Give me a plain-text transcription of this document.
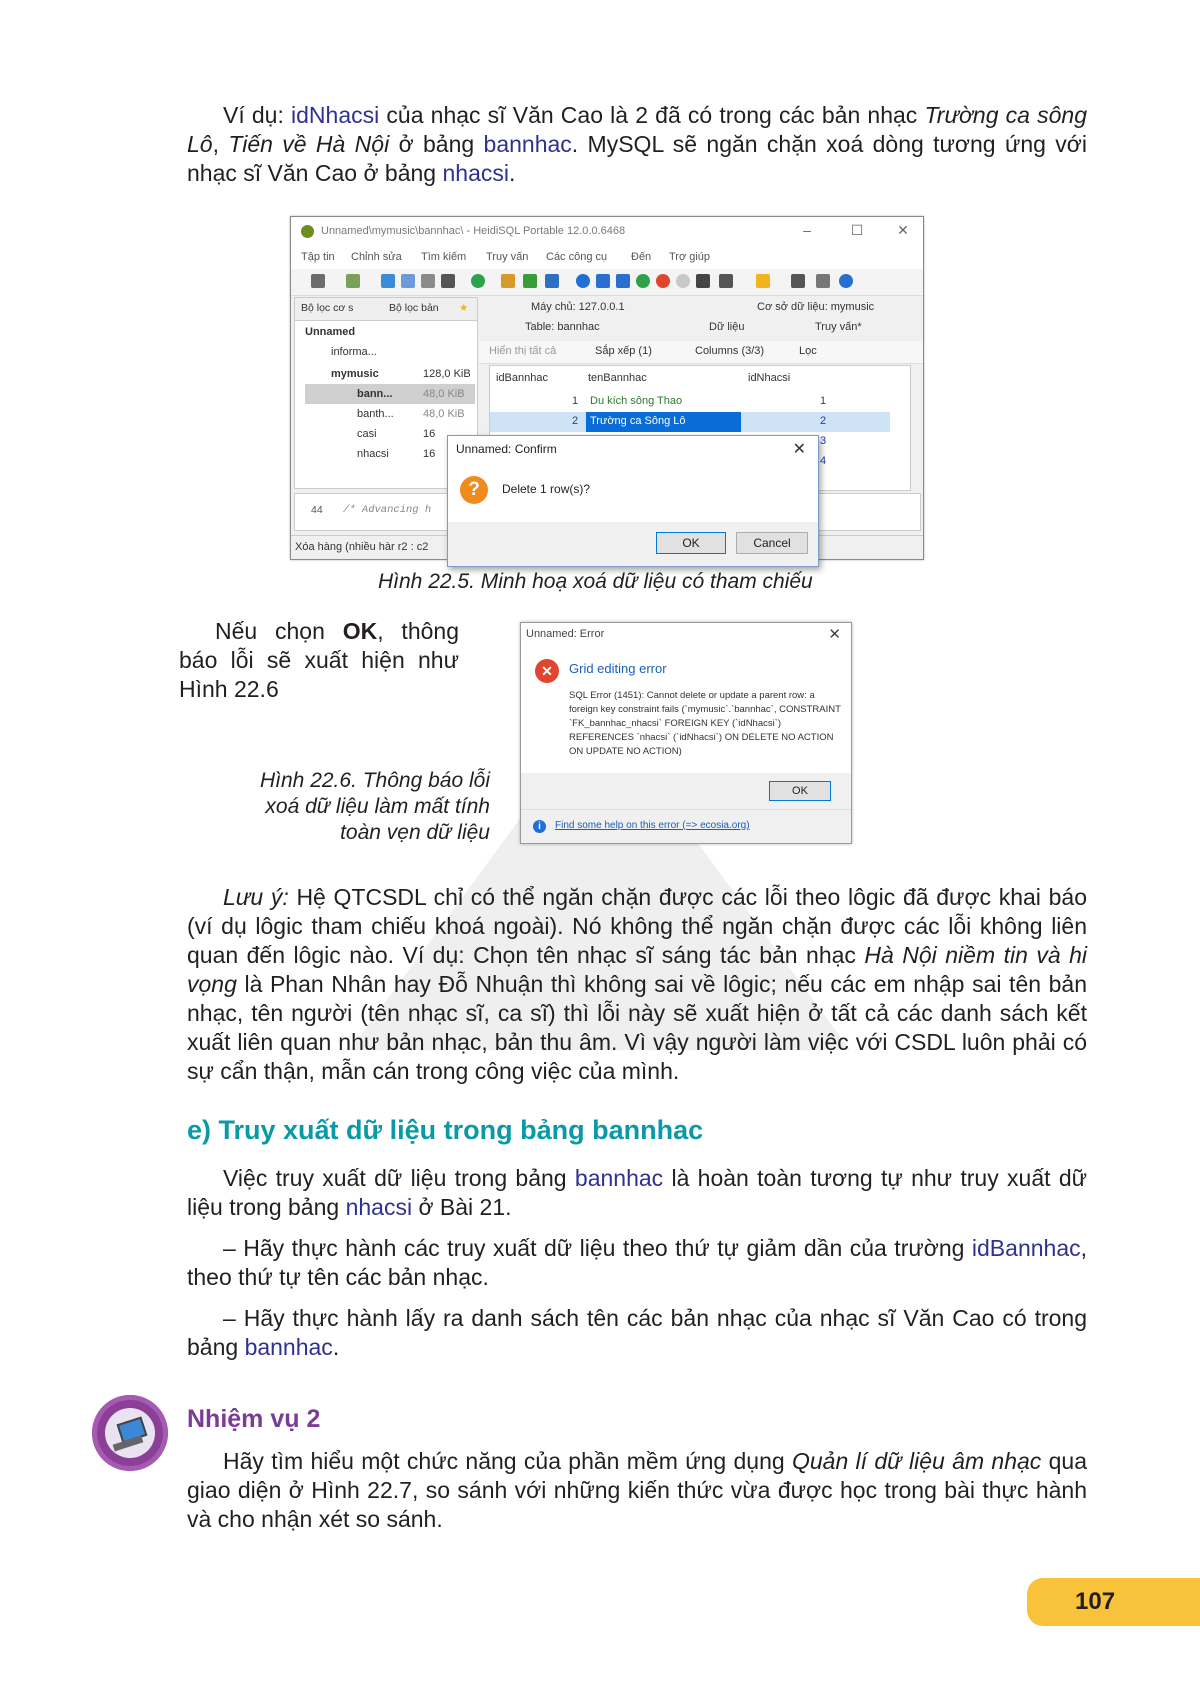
Ví dụ: idNhacsi của nhạc sĩ Văn Cao là 2 đã có trong các bản nhạc Trường ca sông Lô, Tiến về Hà Nội ở bảng bannhac. MySQL sẽ ngăn chặn xoá dòng tương ứng với nhạc sĩ Văn Cao ở bảng nhacsi.

Unnamed\mymusic\bannhac\ - HeidiSQL Portable 12.0.0.6468	–	☐ ✕
Tập tin Chỉnh sửa Tìm kiếm Truy vấn Các công cụ Đến Trợ giúp
Bộ lọc cơ s	Bộ lọc bản ★
Unnamed
informa...
mymusic	128,0 KiB
bann...	48,0 KiB
banth...	48,0 KiB
casi	16
nhacsi	16
Máy chủ: 127.0.0.1	Cơ sở dữ liệu: mymusic
Table: bannhac	Dữ liệu	Truy vấn*
Hiển thị tất cả	Sắp xếp (1)	Columns (3/3)	Lọc
idBannhac	tenBannhac	idNhacsi
1 Du kích sông Thao	1
2 Trường ca Sông Lô	2
3
4
44 /* Advancing h
Xóa hàng (nhiều hàr r2 : c2
Unnamed: Confirm	✕
?	Delete 1 row(s)?
OK	Cancel
Hình 22.5. Minh hoạ xoá dữ liệu có tham chiếu

Nếu chọn OK, thông báo lỗi sẽ xuất hiện như Hình 22.6

Hình 22.6. Thông báo lỗi xoá dữ liệu làm mất tính toàn vẹn dữ liệu
Unnamed: Error	✕
✕	Grid editing error
SQL Error (1451): Cannot delete or update a parent row: a foreign key constraint fails (`mymusic`.`bannhac`, CONSTRAINT `FK_bannhac_nhacsi` FOREIGN KEY (`idNhacsi`) REFERENCES `nhacsi` (`idNhacsi`) ON DELETE NO ACTION ON UPDATE NO ACTION)
OK
i	Find some help on this error (=> ecosia.org)

Lưu ý: Hệ QTCSDL chỉ có thể ngăn chặn được các lỗi theo lôgic đã được khai báo (ví dụ lôgic tham chiếu khoá ngoài). Nó không thể ngăn chặn được các lỗi không liên quan đến lôgic nào. Ví dụ: Chọn tên nhạc sĩ sáng tác bản nhạc Hà Nội niềm tin và hi vọng là Phan Nhân hay Đỗ Nhuận thì không sai về lôgic; nếu các em nhập sai tên bản nhạc, tên người (tên nhạc sĩ, ca sĩ) thì lỗi này sẽ xuất hiện ở tất cả các danh sách kết xuất liên quan như bản nhạc, bản thu âm. Vì vậy người làm việc với CSDL luôn phải có sự cẩn thận, mẫn cán trong công việc của mình.

e) Truy xuất dữ liệu trong bảng bannhac

Việc truy xuất dữ liệu trong bảng bannhac là hoàn toàn tương tự như truy xuất dữ liệu trong bảng nhacsi ở Bài 21.

– Hãy thực hành các truy xuất dữ liệu theo thứ tự giảm dần của trường idBannhac, theo thứ tự tên các bản nhạc.

– Hãy thực hành lấy ra danh sách tên các bản nhạc của nhạc sĩ Văn Cao có trong bảng bannhac.

Nhiệm vụ 2

Hãy tìm hiểu một chức năng của phần mềm ứng dụng Quản lí dữ liệu âm nhạc qua giao diện ở Hình 22.7, so sánh với những kiến thức vừa được học trong bài thực hành và cho nhận xét so sánh.

107
